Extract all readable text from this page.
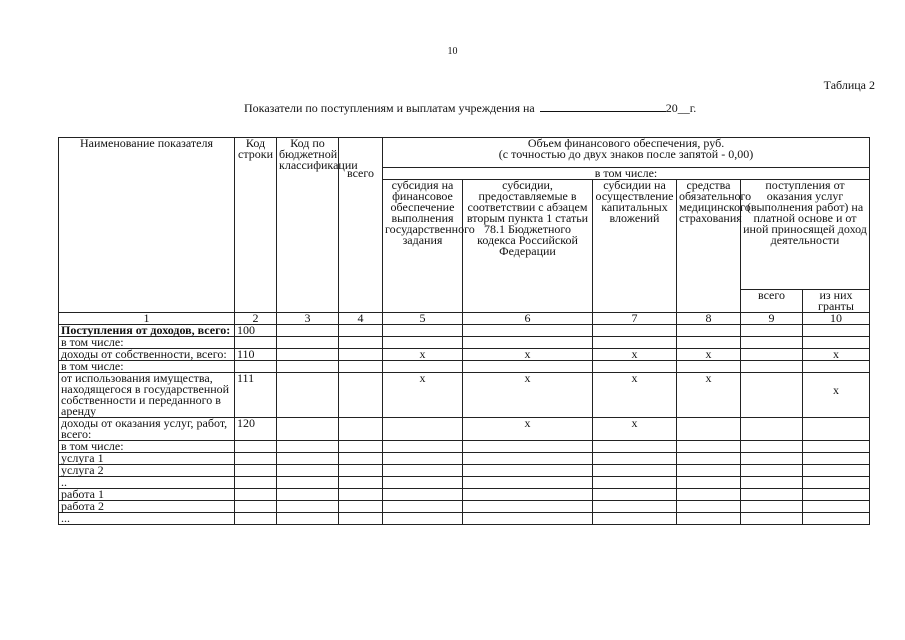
10
Таблица 2
Показатели по поступлениям и выплатам учреждения на	20__г.
Наименование показателя	Код строки	Код по бюджетной классификации		Объем финансового обеспечения, руб.
(с точностью до двух знаков после запятой - 0,00)					

			всего	в том числе:					
				субсидия на финансовое обеспечение выполнения государственного задания	субсидии, предоставляемые в соответствии с абзацем вторым пункта 1 статьи 78.1 Бюджетного кодекса Российской Федерации	субсидии на осуществление капитальных вложений	средства обязательного медицинского страхования	поступления от оказания услуг (выполнения работ) на платной основе и от иной приносящей доход деятельности	
								всего	из них гранты
1	2	3	4	5	6	7	8	9	10
Поступления от доходов, всего:	100								
в том числе:									
доходы от собственности, всего:	110			x	x	x	x		x
в том числе:									
от использования имущества, находящегося в государственной собственности и переданного в аренду	111			x	x	x	x		x
доходы от оказания услуг, работ, всего:	120				x	x			
в том числе:									
услуга 1									
услуга 2									
..									
работа 1									
работа 2									
...									
